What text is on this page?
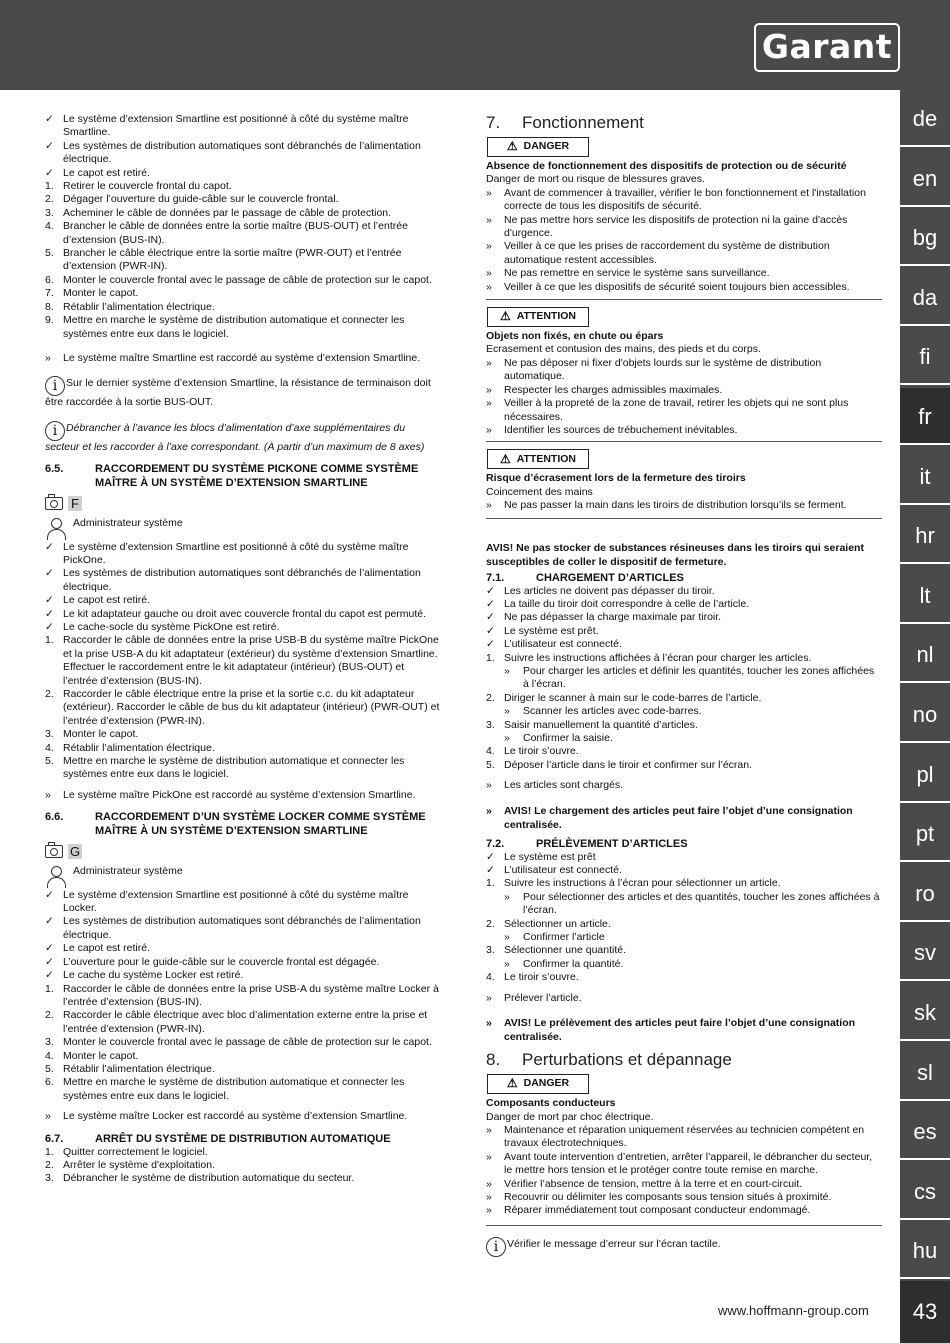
Garant
de
en
bg
da
fi
fr
it
hr
lt
nl
no
pl
pt
ro
sv
sk
sl
es
cs
hu
43
✓ Le système d’extension Smartline est positionné à côté du système maître Smartline.
✓ Les systèmes de distribution automatiques sont débranchés de l’alimentation électrique.
✓ Le capot est retiré.
1. Retirer le couvercle frontal du capot.
2. Dégager l’ouverture du guide-câble sur le couvercle frontal.
3. Acheminer le câble de données par le passage de câble de protection.
4. Brancher le câble de données entre la sortie maître (BUS-OUT) et l’entrée d’extension (BUS-IN).
5. Brancher le câble électrique entre la sortie maître (PWR-OUT) et l’entrée d’extension (PWR-IN).
6. Monter le couvercle frontal avec le passage de câble de protection sur le capot.
7. Monter le capot.
8. Rétablir l’alimentation électrique.
9. Mettre en marche le système de distribution automatique et connecter les systèmes entre eux dans le logiciel.
»	Le système maître Smartline est raccordé au système d’extension Smartline.
i Sur le dernier système d’extension Smartline, la résistance de terminaison doit être raccordée à la sortie BUS-OUT.
i Débrancher à l’avance les blocs d’alimentation d’axe supplémentaires du secteur et les raccorder à l’axe correspondant. (À partir d’un maximum de 8 axes)
6.5.	RACCORDEMENT DU SYSTÈME PICKONE COMME SYSTÈME MAÎTRE À UN SYSTÈME D’EXTENSION SMARTLINE
F
Administrateur système
✓ Le système d’extension Smartline est positionné à côté du système maître PickOne.
✓ Les systèmes de distribution automatiques sont débranchés de l’alimentation électrique.
✓ Le capot est retiré.
✓ Le kit adaptateur gauche ou droit avec couvercle frontal du capot est permuté.
✓ Le cache-socle du système PickOne est retiré.
1. Raccorder le câble de données entre la prise USB-B du système maître PickOne et la prise USB-A du kit adaptateur (extérieur) du système d’extension Smartline. Effectuer le raccordement entre le kit adaptateur (intérieur) (BUS-OUT) et l’entrée d’extension (BUS-IN).
2. Raccorder le câble électrique entre la prise et la sortie c.c. du kit adaptateur (extérieur). Raccorder le câble de bus du kit adaptateur (intérieur) (PWR-OUT) et l’entrée d’extension (PWR-IN).
3. Monter le capot.
4. Rétablir l’alimentation électrique.
5. Mettre en marche le système de distribution automatique et connecter les systèmes entre eux dans le logiciel.
»	Le système maître PickOne est raccordé au système d’extension Smartline.
6.6.	RACCORDEMENT D’UN SYSTÈME LOCKER COMME SYSTÈME MAÎTRE À UN SYSTÈME D’EXTENSION SMARTLINE
G
Administrateur système
✓ Le système d’extension Smartline est positionné à côté du système maître Locker.
✓ Les systèmes de distribution automatiques sont débranchés de l’alimentation électrique.
✓ Le capot est retiré.
✓ L’ouverture pour le guide-câble sur le couvercle frontal est dégagée.
✓ Le cache du système Locker est retiré.
1. Raccorder le câble de données entre la prise USB-A du système maître Locker à l’entrée d’extension (BUS-IN).
2. Raccorder le câble électrique avec bloc d’alimentation externe entre la prise et l’entrée d’extension (PWR-IN).
3. Monter le couvercle frontal avec le passage de câble de protection sur le capot.
4. Monter le capot.
5. Rétablir l’alimentation électrique.
6. Mettre en marche le système de distribution automatique et connecter les systèmes entre eux dans le logiciel.
»	Le système maître Locker est raccordé au système d’extension Smartline.
6.7.	ARRÊT DU SYSTÈME DE DISTRIBUTION AUTOMATIQUE
1. Quitter correctement le logiciel.
2. Arrêter le système d'exploitation.
3. Débrancher le système de distribution automatique du secteur.
7.	Fonctionnement
⚠ DANGER
Absence de fonctionnement des dispositifs de protection ou de sécurité
Danger de mort ou risque de blessures graves.
»	Avant de commencer à travailler, vérifier le bon fonctionnement et l'installation correcte de tous les dispositifs de sécurité.
»	Ne pas mettre hors service les dispositifs de protection ni la gaine d'accès d'urgence.
»	Veiller à ce que les prises de raccordement du système de distribution automatique restent accessibles.
»	Ne pas remettre en service le système sans surveillance.
»	Veiller à ce que les dispositifs de sécurité soient toujours bien accessibles.
⚠ ATTENTION
Objets non fixés, en chute ou épars
Ecrasement et contusion des mains, des pieds et du corps.
»	Ne pas déposer ni fixer d'objets lourds sur le système de distribution automatique.
»	Respecter les charges admissibles maximales.
»	Veiller à la propreté de la zone de travail, retirer les objets qui ne sont plus nécessaires.
»	Identifier les sources de trébuchement inévitables.
⚠ ATTENTION
Risque d’écrasement lors de la fermeture des tiroirs
Coincement des mains
»	Ne pas passer la main dans les tiroirs de distribution lorsqu’ils se ferment.
AVIS! Ne pas stocker de substances résineuses dans les tiroirs qui seraient susceptibles de coller le dispositif de fermeture.
7.1.	CHARGEMENT D’ARTICLES
✓ Les articles ne doivent pas dépasser du tiroir.
✓ La taille du tiroir doit correspondre à celle de l’article.
✓ Ne pas dépasser la charge maximale par tiroir.
✓ Le système est prêt.
✓ L’utilisateur est connecté.
1. Suivre les instructions affichées à l’écran pour charger les articles.
»	Pour charger les articles et définir les quantités, toucher les zones affichées à l’écran.
2. Diriger le scanner à main sur le code-barres de l’article.
»	Scanner les articles avec code-barres.
3. Saisir manuellement la quantité d’articles.
»	Confirmer la saisie.
4. Le tiroir s’ouvre.
5. Déposer l’article dans le tiroir et confirmer sur l’écran.
»	Les articles sont chargés.
»	AVIS! Le chargement des articles peut faire l’objet d’une consignation centralisée.
7.2.	PRÉLÈVEMENT D’ARTICLES
✓ Le système est prêt
✓ L’utilisateur est connecté.
1. Suivre les instructions à l’écran pour sélectionner un article.
»	Pour sélectionner des articles et des quantités, toucher les zones affichées à l’écran.
2. Sélectionner un article.
»	Confirmer l’article
3. Sélectionner une quantité.
»	Confirmer la quantité.
4. Le tiroir s’ouvre.
»	Prélever l’article.
»	AVIS! Le prélèvement des articles peut faire l’objet d’une consignation centralisée.
8.	Perturbations et dépannage
⚠ DANGER
Composants conducteurs
Danger de mort par choc électrique.
»	Maintenance et réparation uniquement réservées au technicien compétent en travaux électrotechniques.
»	Avant toute intervention d’entretien, arrêter l’appareil, le débrancher du secteur, le mettre hors tension et le protéger contre toute remise en marche.
»	Vérifier l’absence de tension, mettre à la terre et en court-circuit.
»	Recouvrir ou délimiter les composants sous tension situés à proximité.
»	Réparer immédiatement tout composant conducteur endommagé.
i Vérifier le message d’erreur sur l’écran tactile.
www.hoffmann-group.com
